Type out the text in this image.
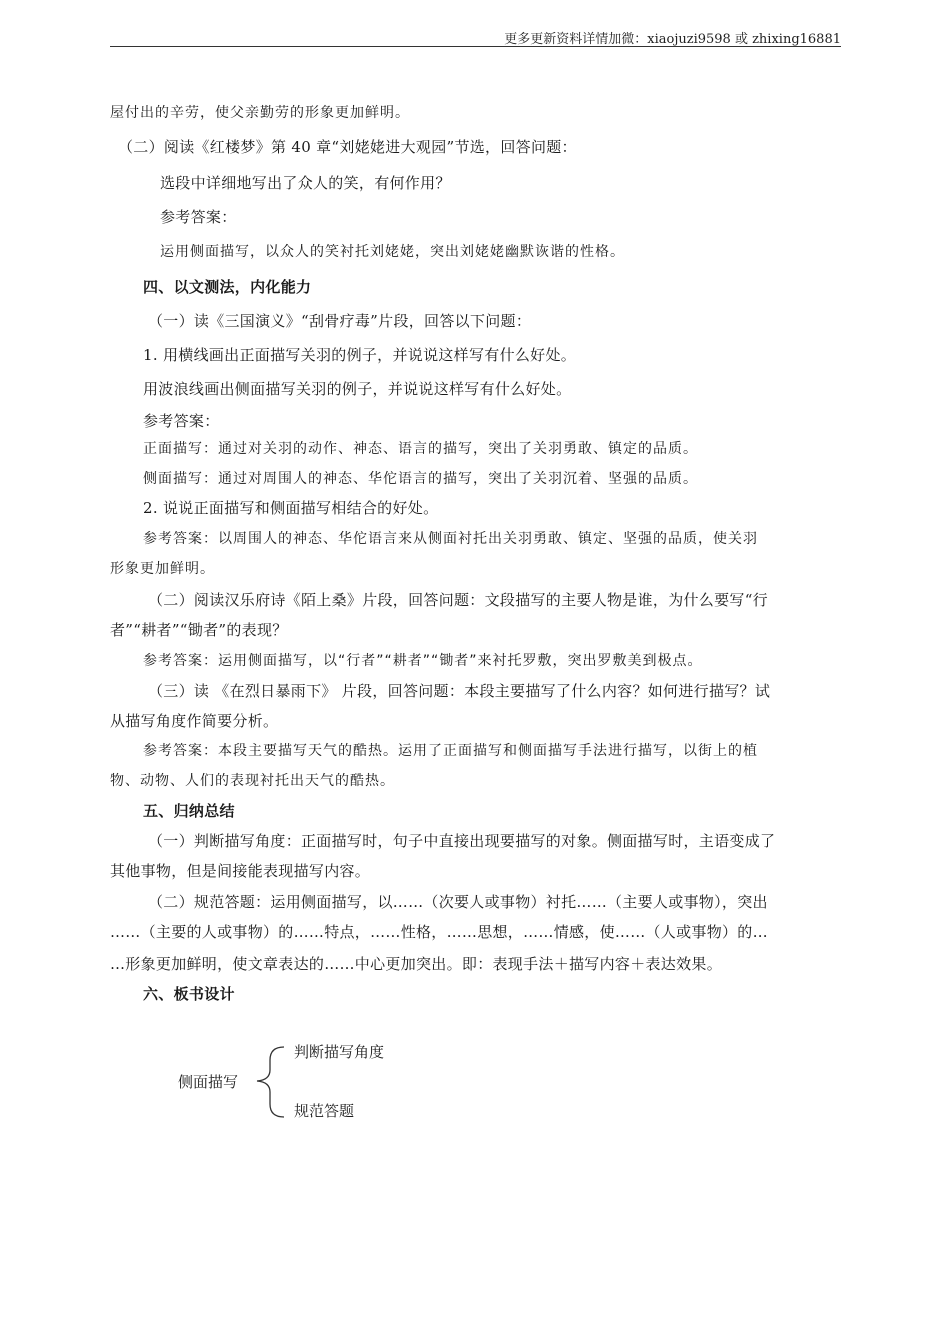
更多更新资料详情加微：xiaojuzi9598 或 zhixing16881
屋付出的辛劳，使父亲勤劳的形象更加鲜明。
（二）阅读《红楼梦》第 40 章“刘姥姥进大观园”节选，回答问题：
选段中详细地写出了众人的笑，有何作用？
参考答案：
运用侧面描写，以众人的笑衬托刘姥姥，突出刘姥姥幽默诙谐的性格。
四、以文测法，内化能力
（一）读《三国演义》“刮骨疗毒”片段，回答以下问题：
1. 用横线画出正面描写关羽的例子，并说说这样写有什么好处。
用波浪线画出侧面描写关羽的例子，并说说这样写有什么好处。
参考答案：
正面描写：通过对关羽的动作、神态、语言的描写，突出了关羽勇敢、镇定的品质。
侧面描写：通过对周围人的神态、华佗语言的描写，突出了关羽沉着、坚强的品质。
2. 说说正面描写和侧面描写相结合的好处。
参考答案：以周围人的神态、华佗语言来从侧面衬托出关羽勇敢、镇定、坚强的品质，使关羽
形象更加鲜明。
（二）阅读汉乐府诗《陌上桑》片段，回答问题：文段描写的主要人物是谁，为什么要写“行
者”“耕者”“锄者”的表现？
参考答案：运用侧面描写，以“行者”“耕者”“锄者”来衬托罗敷，突出罗敷美到极点。
（三）读 《在烈日暴雨下》 片段，回答问题：本段主要描写了什么内容？如何进行描写？试
从描写角度作简要分析。
参考答案：本段主要描写天气的酷热。运用了正面描写和侧面描写手法进行描写，以街上的植
物、动物、人们的表现衬托出天气的酷热。
五、归纳总结
（一）判断描写角度：正面描写时，句子中直接出现要描写的对象。侧面描写时，主语变成了
其他事物，但是间接能表现描写内容。
（二）规范答题：运用侧面描写，以……（次要人或事物）衬托……（主要人或事物），突出
……（主要的人或事物）的……特点，……性格，……思想，……情感，使……（人或事物）的…
…形象更加鲜明，使文章表达的……中心更加突出。即：表现手法＋描写内容＋表达效果。
六、板书设计
侧面描写
判断描写角度
规范答题
